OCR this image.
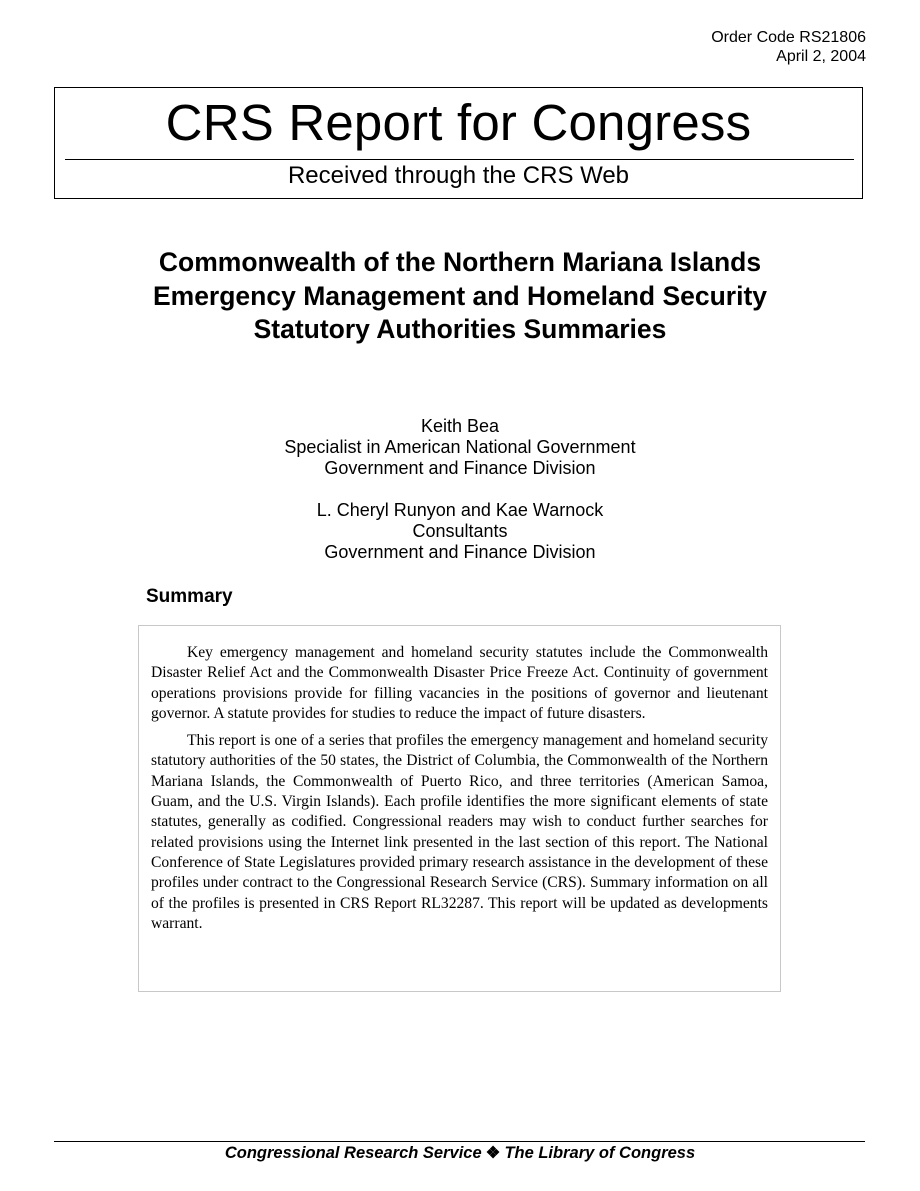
Order Code RS21806
April 2, 2004
CRS Report for Congress
Received through the CRS Web
Commonwealth of the Northern Mariana Islands Emergency Management and Homeland Security Statutory Authorities Summaries
Keith Bea
Specialist in American National Government
Government and Finance Division
L. Cheryl Runyon and Kae Warnock
Consultants
Government and Finance Division
Summary

Key emergency management and homeland security statutes include the Commonwealth Disaster Relief Act and the Commonwealth Disaster Price Freeze Act. Continuity of government operations provisions provide for filling vacancies in the positions of governor and lieutenant governor. A statute provides for studies to reduce the impact of future disasters.

This report is one of a series that profiles the emergency management and homeland security statutory authorities of the 50 states, the District of Columbia, the Commonwealth of the Northern Mariana Islands, the Commonwealth of Puerto Rico, and three territories (American Samoa, Guam, and the U.S. Virgin Islands). Each profile identifies the more significant elements of state statutes, generally as codified. Congressional readers may wish to conduct further searches for related provisions using the Internet link presented in the last section of this report. The National Conference of State Legislatures provided primary research assistance in the development of these profiles under contract to the Congressional Research Service (CRS). Summary information on all of the profiles is presented in CRS Report RL32287. This report will be updated as developments warrant.

Congressional Research Service ❖ The Library of Congress
